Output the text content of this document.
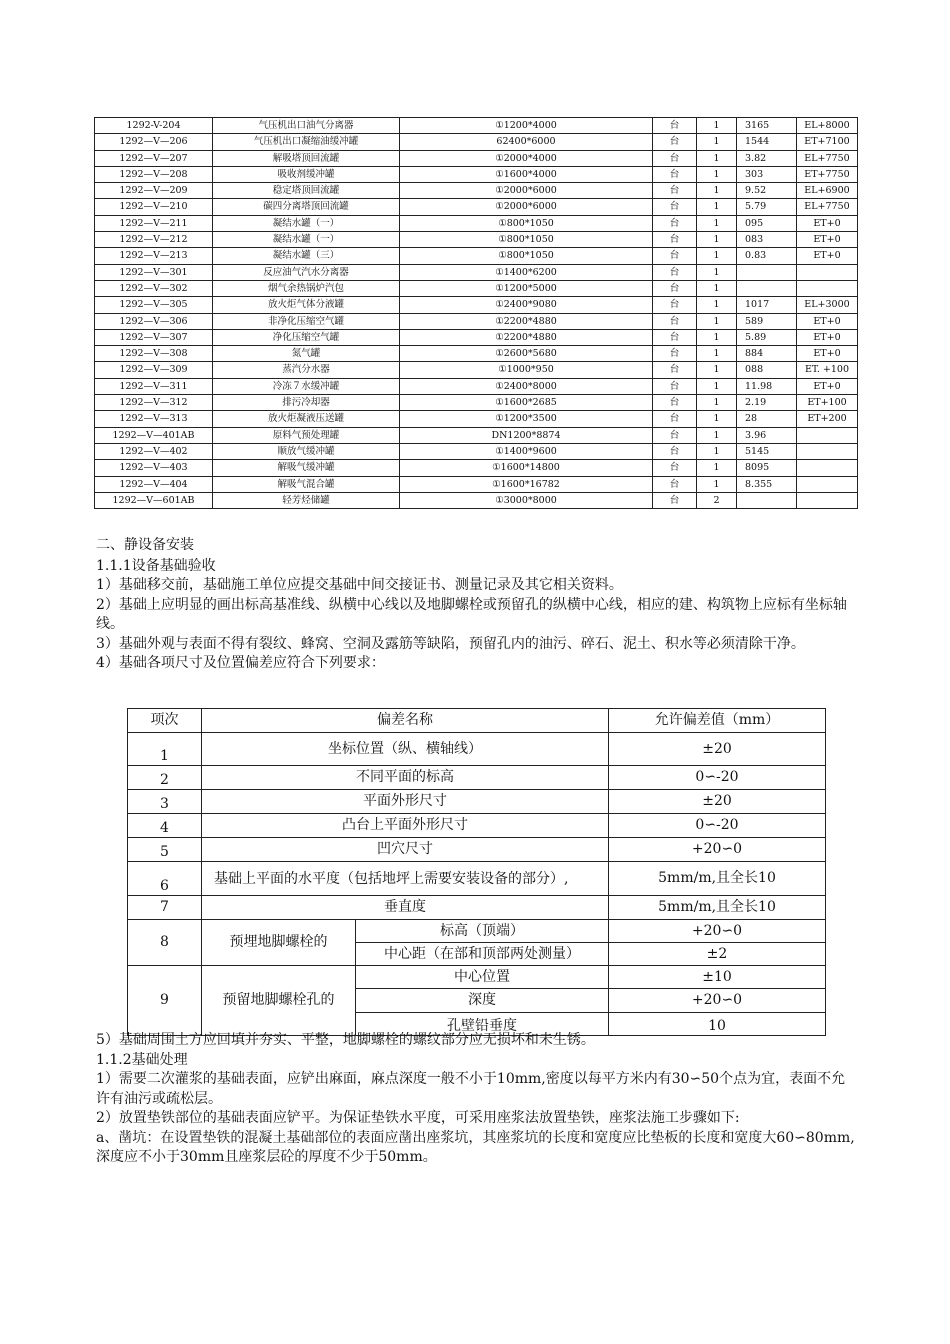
1292-V-204	气压机出口油气分离器	①1200*4000	台	1	3165	EL+8000
1292—V—206	气压机出口凝缩油缓冲罐	62400*6000	台	1	1544	ET+7100
1292—V—207	解吸塔顶回流罐	①2000*4000	台	1	3.82	EL+7750
1292—V—208	吸收剂缓冲罐	①1600*4000	台	1	303	ET+7750
1292—V—209	稳定塔顶回流罐	①2000*6000	台	1	9.52	EL+6900
1292—V—210	碳四分离塔顶回流罐	①2000*6000	台	1	5.79	EL+7750
1292—V—211	凝结水罐（一）	①800*1050	台	1	095	ET+0
1292—V—212	凝结水罐（一）	①800*1050	台	1	083	ET+0
1292—V—213	凝结水罐（三）	①800*1050	台	1	0.83	ET+0
1292—V—301	反应油气汽水分离器	①1400*6200	台	1		
1292—V—302	烟气余热锅炉汽包	①1200*5000	台	1		
1292—V—305	放火炬气体分液罐	①2400*9080	台	1	1017	EL+3000
1292—V—306	非净化压缩空气罐	①2200*4880	台	1	589	ET+0
1292—V—307	净化压缩空气罐	①2200*4880	台	1	5.89	ET+0
1292—V—308	氮气罐	①2600*5680	台	1	884	ET+0
1292—V—309	蒸汽分水器	①1000*950	台	1	088	ET. +100
1292—V—311	冷冻７水缓冲罐	①2400*8000	台	1	11.98	ET+0
1292—V—312	排污冷却器	①1600*2685	台	1	2.19	ET+100
1292—V—313	放火炬凝液压送罐	①1200*3500	台	1	28	ET+200
1292—V—401AB	原料气预处理罐	DN1200*8874	台	1	3.96	
1292—V—402	顺放气缓冲罐	①1400*9600	台	1	5145	
1292—V—403	解吸气缓冲罐	①1600*14800	台	1	8095	
1292—V—404	解吸气混合罐	①1600*16782	台	1	8.355	
1292—V—601AB	轻芳烃储罐	①3000*8000	台	2		

二、静设备安装

1.1.1设备基础验收

1）基础移交前，基础施工单位应提交基础中间交接证书、测量记录及其它相关资料。

2）基础上应明显的画出标高基准线、纵横中心线以及地脚螺栓或预留孔的纵横中心线，相应的建、构筑物上应标有坐标轴线。

3）基础外观与表面不得有裂纹、蜂窝、空洞及露筋等缺陷，预留孔内的油污、碎石、泥土、积水等必须清除干净。

4）基础各项尺寸及位置偏差应符合下列要求：

项次	偏差名称		允许偏差值（mm）
1	坐标位置（纵、横轴线）		±20
2	不同平面的标高		0∽-20
3	平面外形尺寸		±20
4	凸台上平面外形尺寸		0∽-20
5	凹穴尺寸		+20∽0
6	基础上平面的水平度（包括地坪上需要安装设备的部分）,		5mm/m,且全长10
7	垂直度		5mm/m,且全长10
8	预埋地脚螺栓的	标高（顶端）	+20∽0
		中心距（在部和顶部两处测量）	±2
9	预留地脚螺栓孔的	中心位置	±10
		深度	+20∽0
		孔壁铅垂度	10

5）基础周围土方应回填并夯实、平整，地脚螺栓的螺纹部分应无损坏和未生锈。

1.1.2基础处理

1）需要二次灌浆的基础表面，应铲出麻面，麻点深度一般不小于10mm,密度以每平方米内有30∽50个点为宜，表面不允许有油污或疏松层。

2）放置垫铁部位的基础表面应铲平。为保证垫铁水平度，可采用座浆法放置垫铁，座浆法施工步骤如下:

a、凿坑：在设置垫铁的混凝土基础部位的表面应凿出座浆坑，其座浆坑的长度和宽度应比垫板的长度和宽度大60∽80mm,深度应不小于30mm且座浆层砼的厚度不少于50mm。
